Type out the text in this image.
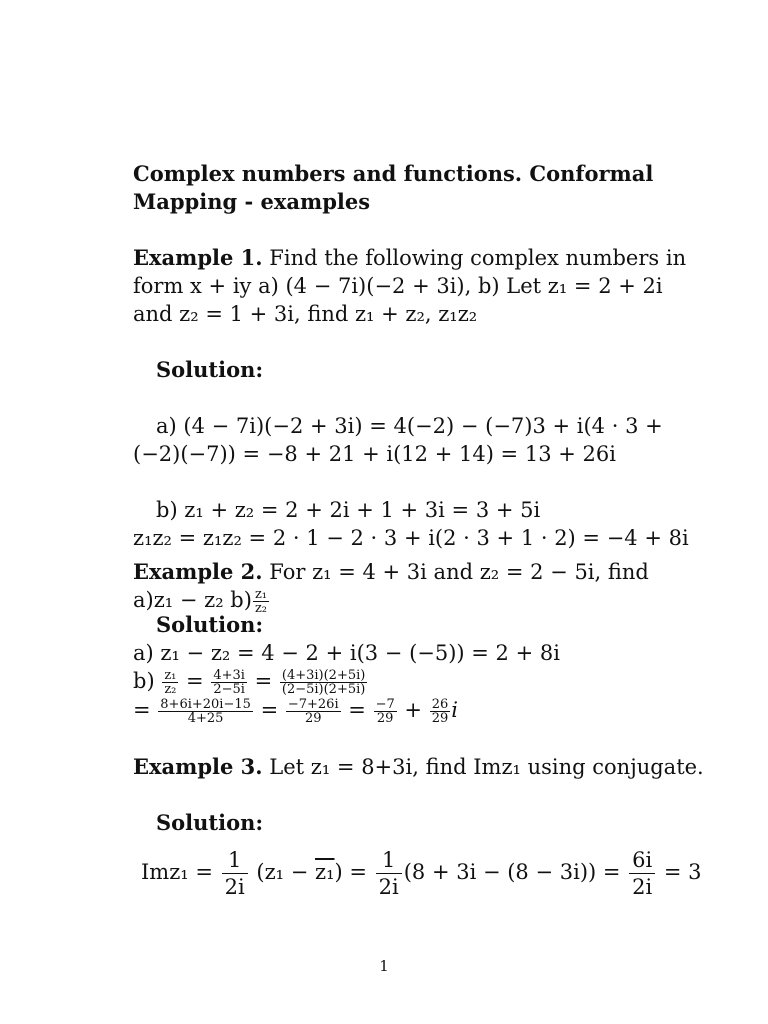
Complex numbers and functions. Conformal
Mapping - examples
Example 1. Find the following complex numbers in
form x + iy a) (4 − 7i)(−2 + 3i), b) Let z₁ = 2 + 2i
and z₂ = 1 + 3i, find z₁ + z₂, z₁z₂
Solution:
a) (4 − 7i)(−2 + 3i) = 4(−2) − (−7)3 + i(4 · 3 +
(−2)(−7)) = −8 + 21 + i(12 + 14) = 13 + 26i
b) z₁ + z₂ = 2 + 2i + 1 + 3i = 3 + 5i
z₁z₂ = z₁z₂ = 2 · 1 − 2 · 3 + i(2 · 3 + 1 · 2) = −4 + 8i
Example 2. For z₁ = 4 + 3i and z₂ = 2 − 5i, find
a)z₁ − z₂ $b) \frac{\text{z₁}}{\text{z₂}}$
Solution:
a) z₁ − z₂ = 4 − 2 + i(3 − (−5)) = 2 + 8i
$b) \frac{\text{z₁}}{\text{z₂}} = \frac{4+3i}{2-5i} = \frac{(4+3i)(2+5i)}{(2-5i)(2+5i)}$
= $\frac{8+6i+20i-15}{4+25} = \frac{-7+26i}{29} = \frac{-7}{29} + \frac{26}{29}$ i
Example 3. Let z₁ = 8+3i, find Imz₁ using conjugate.
Solution:
$Imz_1 = \frac{1}{2i} (z_1 - z_1) = \frac{1}{2i} (8 + 3i - (8 - 3i)) = \frac{6i}{2i} = 3$
1
